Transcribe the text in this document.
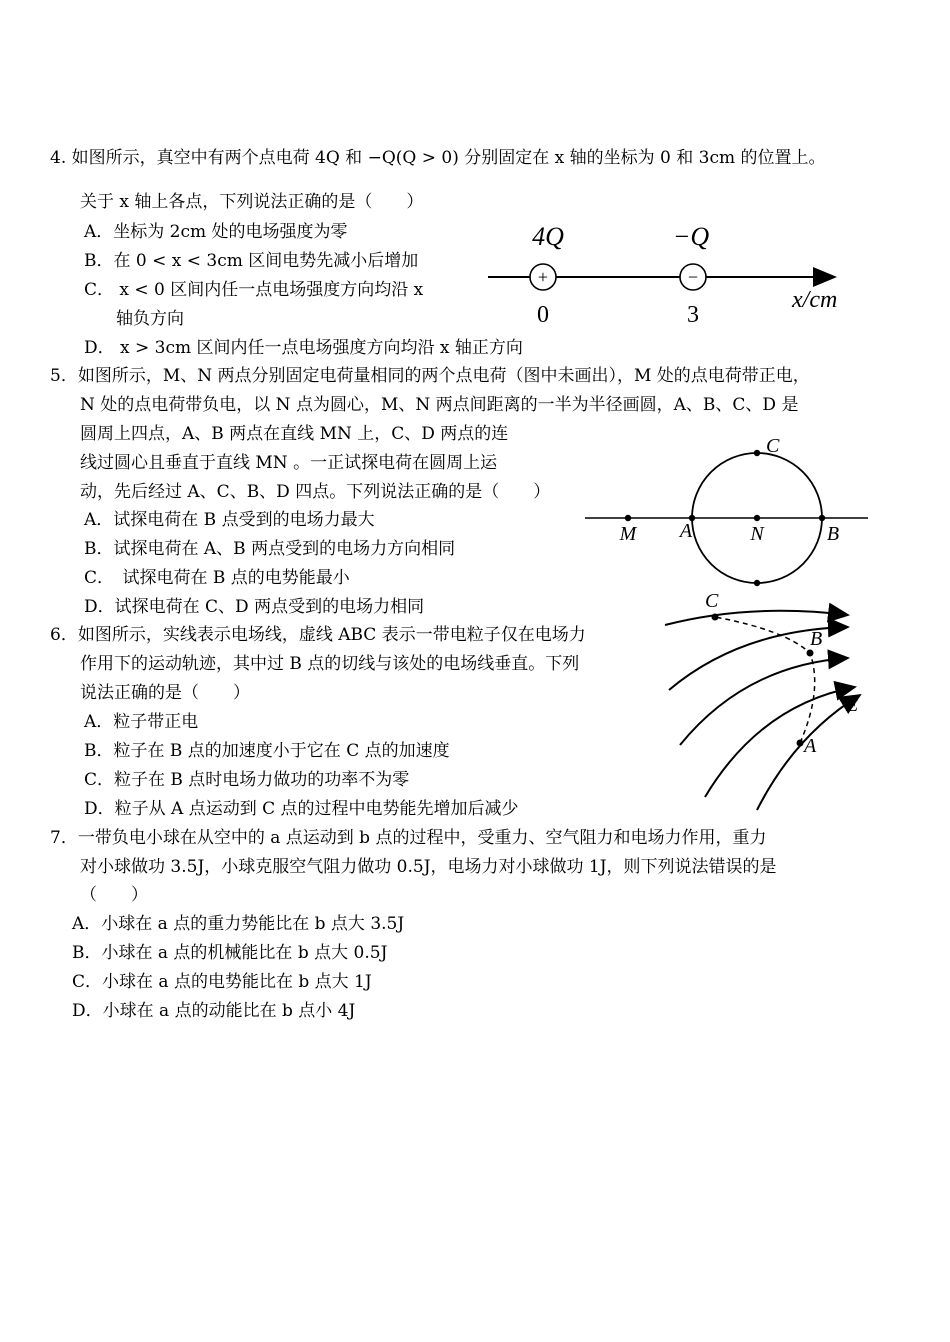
4. 如图所示，真空中有两个点电荷 4Q 和 −Q(Q > 0) 分别固定在 x 轴的坐标为 0 和 3cm 的位置上。
关于 x 轴上各点，下列说法正确的是（　　）
A．坐标为 2cm 处的电场强度为零
B．在 0 < x < 3cm 区间电势先减小后增加
C． x < 0 区间内任一点电场强度方向均沿 x
轴负方向
D． x > 3cm 区间内任一点电场强度方向均沿 x 轴正方向
+	−
4Q	−Q
0	3
x/cm
5．如图所示，M、N 两点分别固定电荷量相同的两个点电荷（图中未画出），M 处的点电荷带正电，
N 处的点电荷带负电，以 N 点为圆心，M、N 两点间距离的一半为半径画圆，A、B、C、D 是
圆周上四点，A、B 两点在直线 MN 上，C、D 两点的连
线过圆心且垂直于直线 MN 。一正试探电荷在圆周上运
动，先后经过 A、C、B、D 四点。下列说法正确的是（　　）
A．试探电荷在 B 点受到的电场力最大
B．试探电荷在 A、B 两点受到的电场力方向相同
C．　试探电荷在 B 点的电势能最小
D．试探电荷在 C、D 两点受到的电场力相同
C
M A	N	B
6．如图所示，实线表示电场线，虚线 ABC 表示一带电粒子仅在电场力
作用下的运动轨迹，其中过 B 点的切线与该处的电场线垂直。下列
说法正确的是（　　）
A．粒子带正电
B．粒子在 B 点的加速度小于它在 C 点的加速度
C．粒子在 B 点时电场力做功的功率不为零
D．粒子从 A 点运动到 C 点的过程中电势能先增加后减少
C
B
E
A
7．一带负电小球在从空中的 a 点运动到 b 点的过程中，受重力、空气阻力和电场力作用，重力
对小球做功 3.5J，小球克服空气阻力做功 0.5J，电场力对小球做功 1J，则下列说法错误的是
（　　）
A．小球在 a 点的重力势能比在 b 点大 3.5J
B．小球在 a 点的机械能比在 b 点大 0.5J
C．小球在 a 点的电势能比在 b 点大 1J
D．小球在 a 点的动能比在 b 点小 4J
